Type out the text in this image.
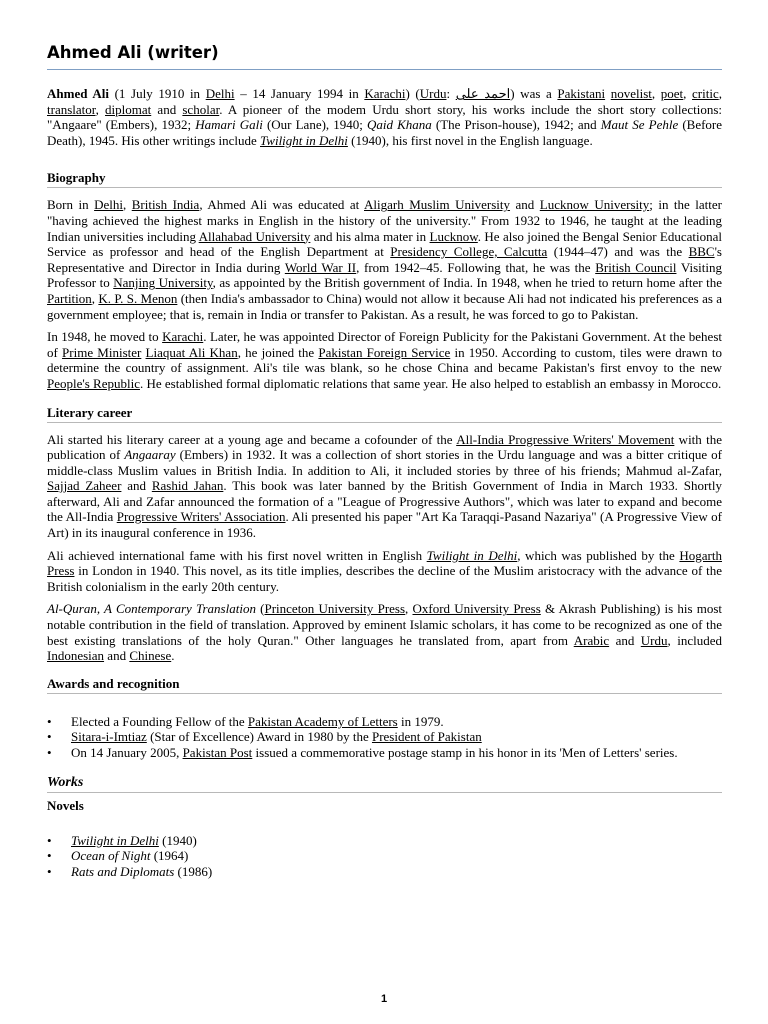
Ahmed Ali (writer)

Ahmed Ali (1 July 1910 in Delhi – 14 January 1994 in Karachi) (Urdu: احمد علی) was a Pakistani novelist, poet, critic, translator, diplomat and scholar. A pioneer of the modem Urdu short story, his works include the short story collections: "Angaare" (Embers), 1932; Hamari Gali (Our Lane), 1940; Qaid Khana (The Prison-house), 1942; and Maut Se Pehle (Before Death), 1945. His other writings include Twilight in Delhi (1940), his first novel in the English language.

Biography

Born in Delhi, British India, Ahmed Ali was educated at Aligarh Muslim University and Lucknow University; in the latter "having achieved the highest marks in English in the history of the university." From 1932 to 1946, he taught at the leading Indian universities including Allahabad University and his alma mater in Lucknow. He also joined the Bengal Senior Educational Service as professor and head of the English Department at Presidency College, Calcutta (1944–47) and was the BBC's Representative and Director in India during World War II, from 1942–45. Following that, he was the British Council Visiting Professor to Nanjing University, as appointed by the British government of India. In 1948, when he tried to return home after the Partition, K. P. S. Menon (then India's ambassador to China) would not allow it because Ali had not indicated his preferences as a government employee; that is, remain in India or transfer to Pakistan. As a result, he was forced to go to Pakistan.

In 1948, he moved to Karachi. Later, he was appointed Director of Foreign Publicity for the Pakistani Government. At the behest of Prime Minister Liaquat Ali Khan, he joined the Pakistan Foreign Service in 1950. According to custom, tiles were drawn to determine the country of assignment. Ali's tile was blank, so he chose China and became Pakistan's first envoy to the new People's Republic. He established formal diplomatic relations that same year. He also helped to establish an embassy in Morocco.

Literary career

Ali started his literary career at a young age and became a cofounder of the All-India Progressive Writers' Movement with the publication of Angaaray (Embers) in 1932. It was a collection of short stories in the Urdu language and was a bitter critique of middle-class Muslim values in British India. In addition to Ali, it included stories by three of his friends; Mahmud al-Zafar, Sajjad Zaheer and Rashid Jahan. This book was later banned by the British Government of India in March 1933. Shortly afterward, Ali and Zafar announced the formation of a "League of Progressive Authors", which was later to expand and become the All-India Progressive Writers' Association. Ali presented his paper "Art Ka Taraqqi-Pasand Nazariya" (A Progressive View of Art) in its inaugural conference in 1936.

Ali achieved international fame with his first novel written in English Twilight in Delhi, which was published by the Hogarth Press in London in 1940. This novel, as its title implies, describes the decline of the Muslim aristocracy with the advance of the British colonialism in the early 20th century.

Al-Quran, A Contemporary Translation (Princeton University Press, Oxford University Press & Akrash Publishing) is his most notable contribution in the field of translation. Approved by eminent Islamic scholars, it has come to be recognized as one of the best existing translations of the holy Quran." Other languages he translated from, apart from Arabic and Urdu, included Indonesian and Chinese.

Awards and recognition
• Elected a Founding Fellow of the Pakistan Academy of Letters in 1979.
• Sitara-i-Imtiaz (Star of Excellence) Award in 1980 by the President of Pakistan
• On 14 January 2005, Pakistan Post issued a commemorative postage stamp in his honor in its 'Men of Letters' series.
Works
Novels
• Twilight in Delhi (1940)
• Ocean of Night (1964)
• Rats and Diplomats (1986)
1
